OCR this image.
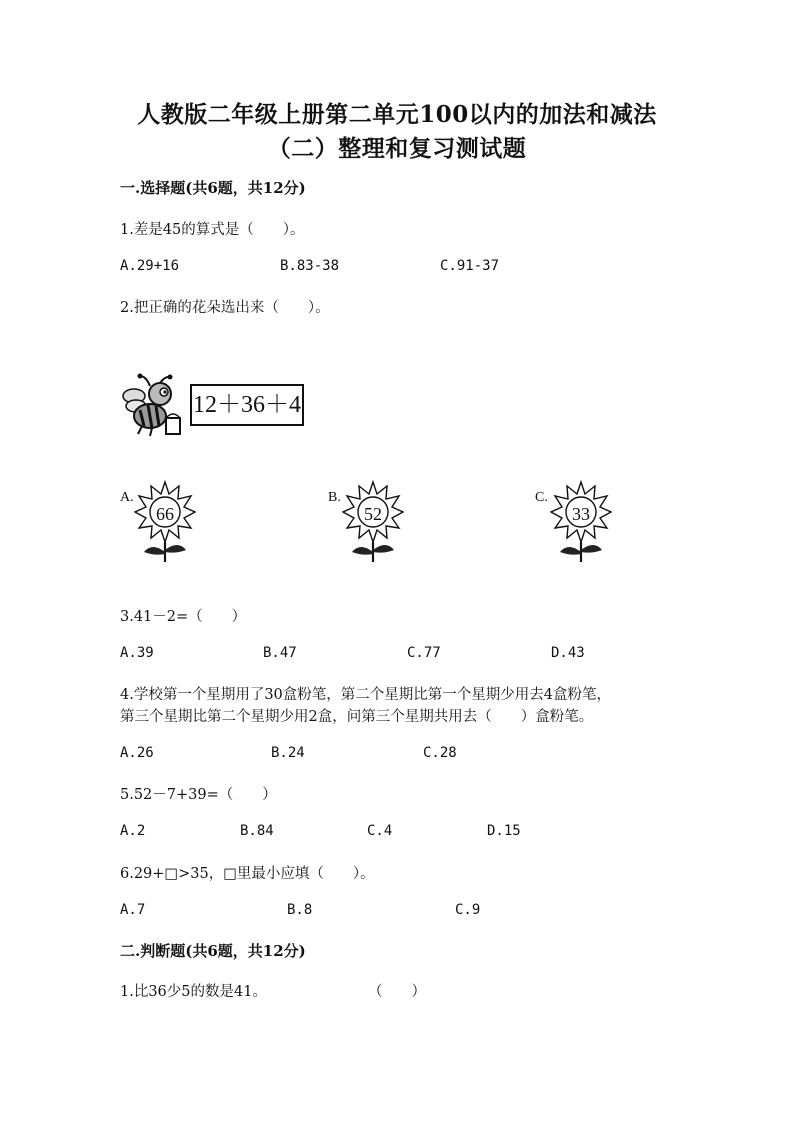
人教版二年级上册第二单元100以内的加法和减法
（二）整理和复习测试题
一.选择题(共6题，共12分)
1.差是45的算式是（　　）。
A.29+16	B.83-38	C.91-37
2.把正确的花朵选出来（　　）。
12＋36＋4
A.
66
B.
52
C.
33
3.41－2=（　　）
A.39	B.47	C.77	D.43
4.学校第一个星期用了30盒粉笔，第二个星期比第一个星期少用去4盒粉笔，
第三个星期比第二个星期少用2盒，问第三个星期共用去（　　）盒粉笔。
A.26	B.24	C.28
5.52－7+39=（　　）
A.2	B.84	C.4	D.15
6.29+□>35，□里最小应填（　　）。
A.7	B.8	C.9
二.判断题(共6题，共12分)
1.比36少5的数是41。	（　　）
